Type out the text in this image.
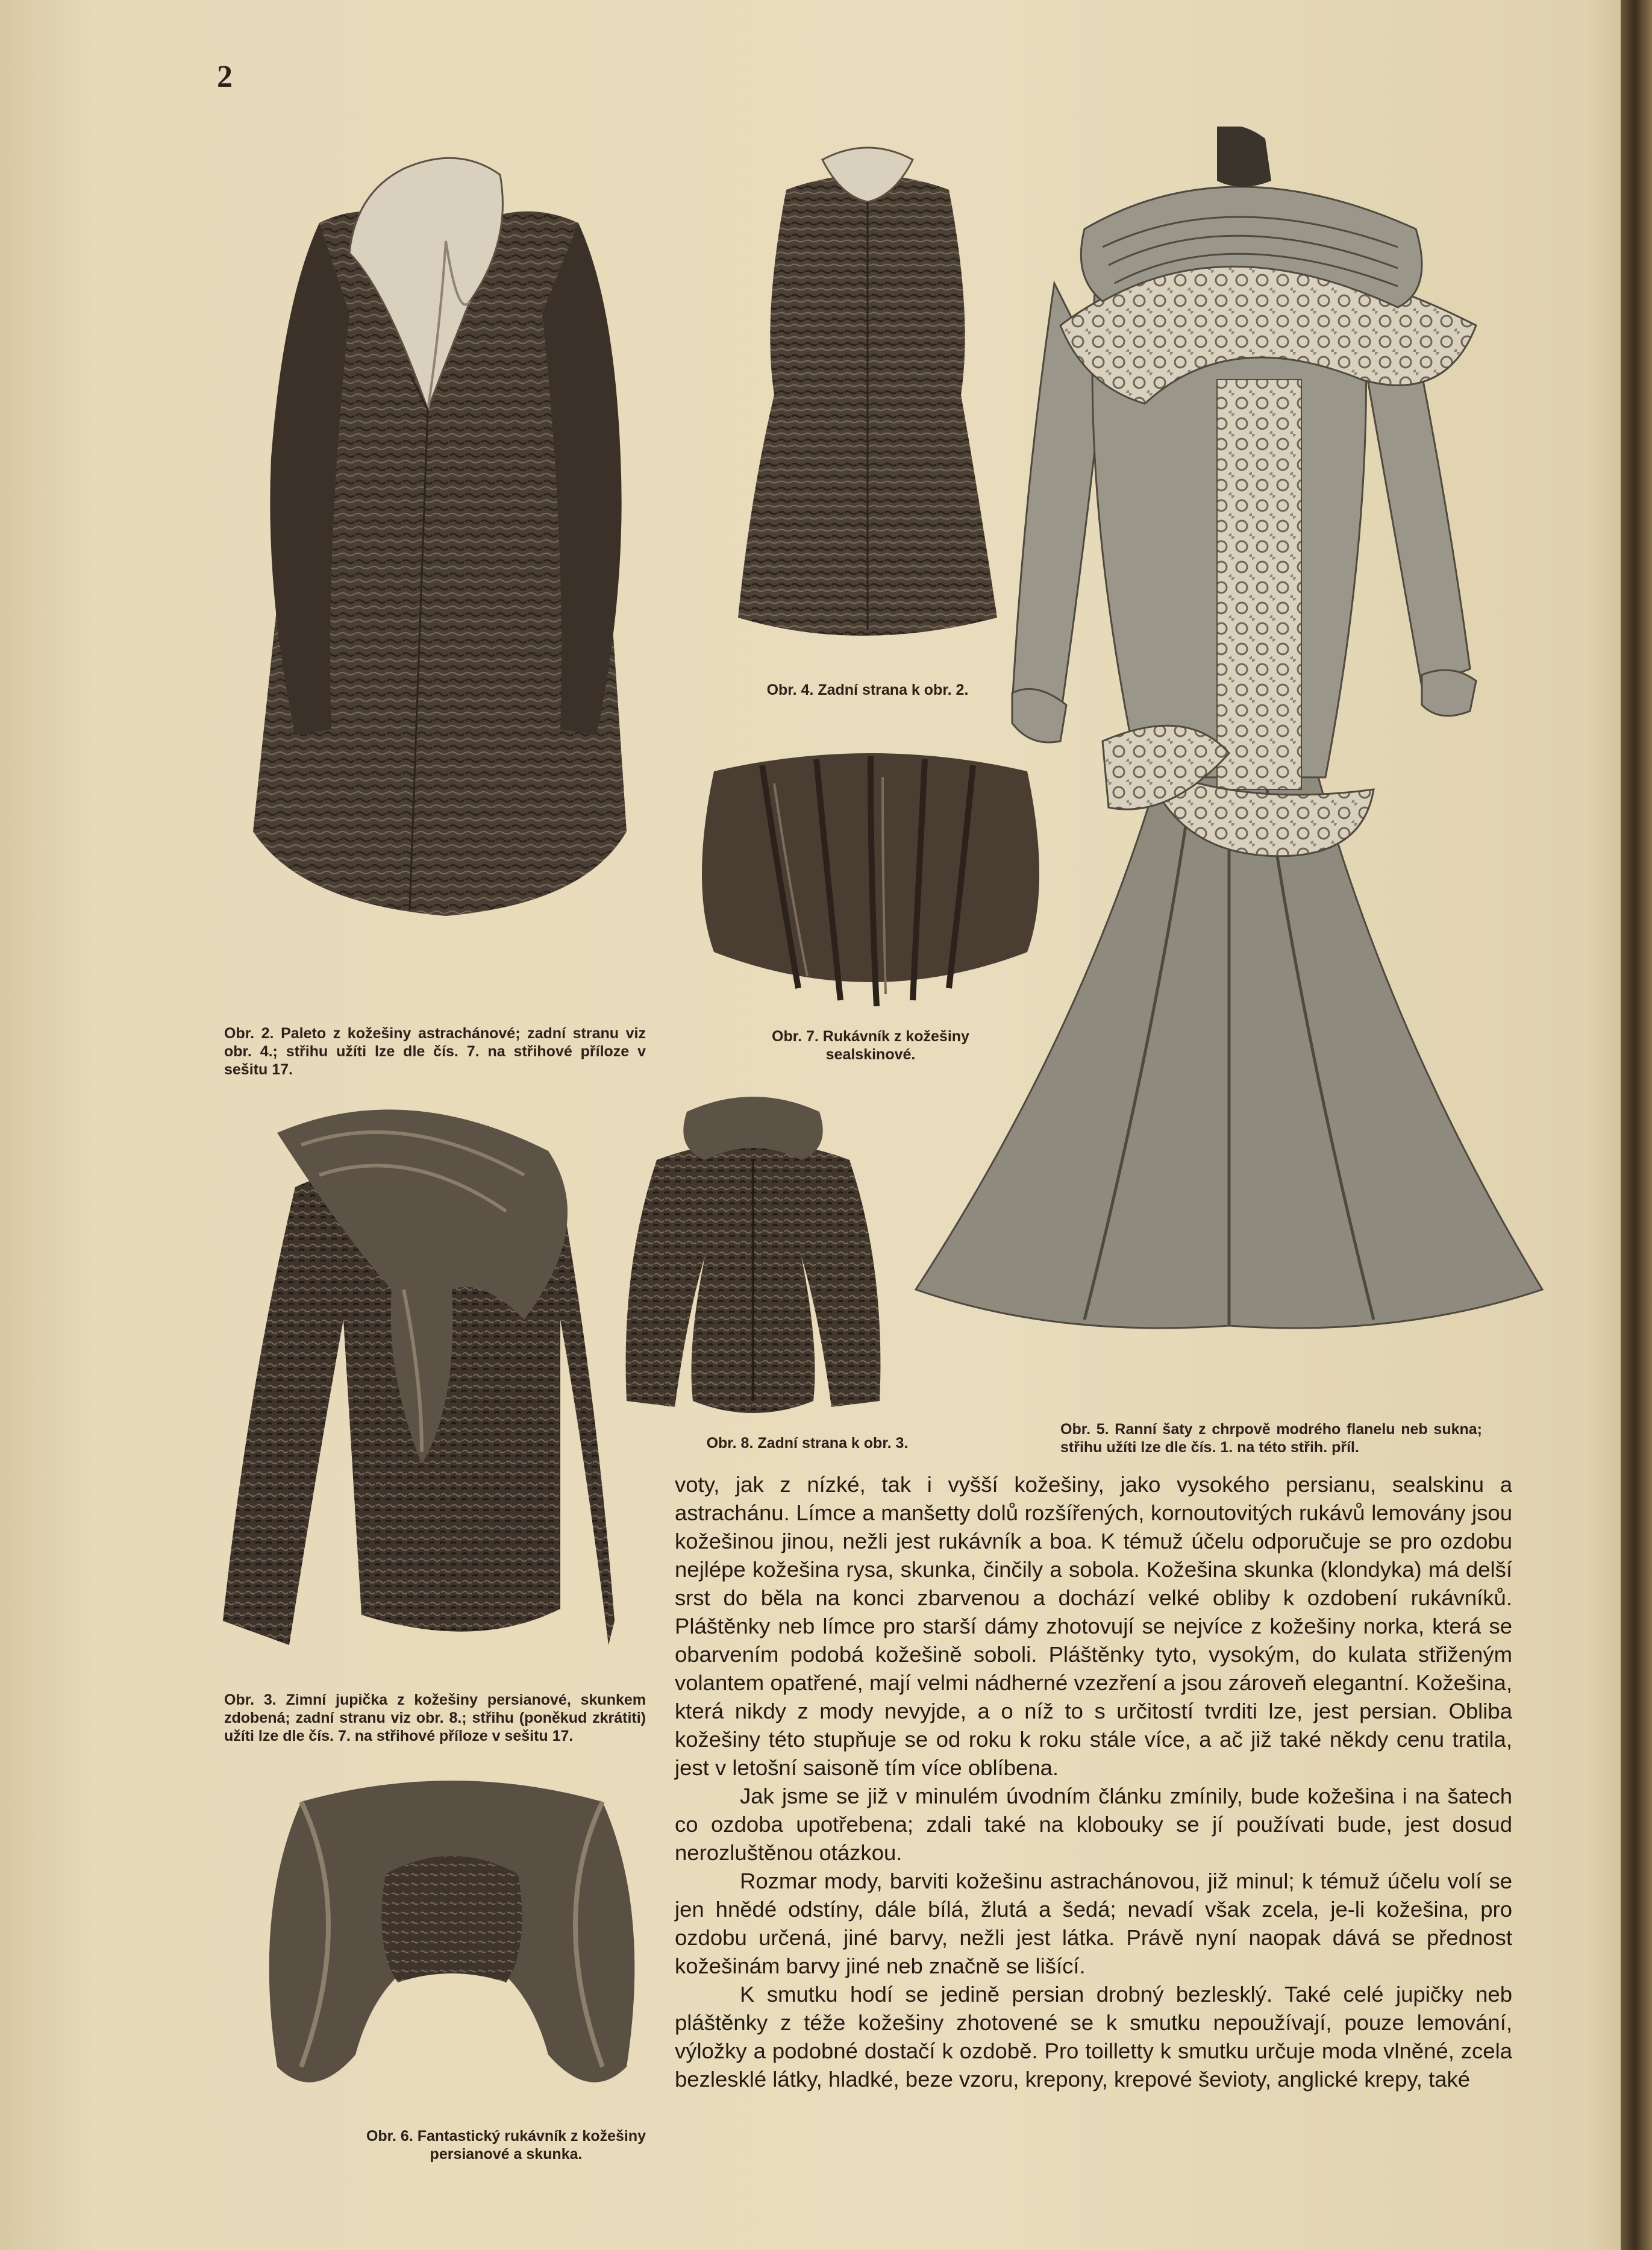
2
Obr. 2. Paleto z kožešiny astrachánové; zadní stranu viz obr. 4.; střihu užíti lze dle čís. 7. na střihové příloze v sešitu 17.
Obr. 4. Zadní strana k obr. 2.
Obr. 7. Rukávník z kožešiny sealskinové.
Obr. 5. Ranní šaty z chrpově modrého flanelu neb sukna; střihu užíti lze dle čís. 1. na této střih. příl.
Obr. 3. Zimní jupička z kožešiny persianové, skunkem zdobená; zadní stranu viz obr. 8.; střihu (poněkud zkrátiti) užíti lze dle čís. 7. na střihové příloze v sešitu 17.
Obr. 8. Zadní strana k obr. 3.
Obr. 6. Fantastický rukávník z kožešiny persianové a skunka.

voty, jak z nízké, tak i vyšší kožešiny, jako vysokého persianu, sealskinu a astrachánu. Límce a manšetty dolů rozšířených, kornoutovitých rukávů lemovány jsou kožešinou jinou, nežli jest rukávník a boa. K témuž účelu odporučuje se pro ozdobu nejlépe kožešina rysa, skunka, činčily a sobola. Kožešina skunka (klondyka) má delší srst do běla na konci zbarvenou a dochází velké obliby k ozdobení rukávníků. Pláštěnky neb límce pro starší dámy zhotovují se nejvíce z kožešiny norka, která se obarvením podobá kožešině soboli. Pláštěnky tyto, vysokým, do kulata střiženým volantem opatřené, mají velmi nádherné vzezření a jsou zároveň elegantní. Kožešina, která nikdy z mody nevyjde, a o níž to s určitostí tvrditi lze, jest persian. Obliba kožešiny této stupňuje se od roku k roku stále více, a ač již také někdy cenu tratila, jest v letošní saisoně tím více oblíbena.

Jak jsme se již v minulém úvodním článku zmínily, bude kožešina i na šatech co ozdoba upotřebena; zdali také na klobouky se jí používati bude, jest dosud nerozluštěnou otázkou.

Rozmar mody, barviti kožešinu astrachánovou, již minul; k témuž účelu volí se jen hnědé odstíny, dále bílá, žlutá a šedá; nevadí však zcela, je-li kožešina, pro ozdobu určená, jiné barvy, nežli jest látka. Právě nyní naopak dává se přednost kožešinám barvy jiné neb značně se lišící.

K smutku hodí se jedině persian drobný bezlesklý. Také celé jupičky neb pláštěnky z téže kožešiny zhotovené se k smutku nepoužívají, pouze lemování, výložky a podobné dostačí k ozdobě. Pro toilletty k smutku určuje moda vlněné, zcela bezlesklé látky, hladké, beze vzoru, krepony, krepové ševioty, anglické krepy, také
